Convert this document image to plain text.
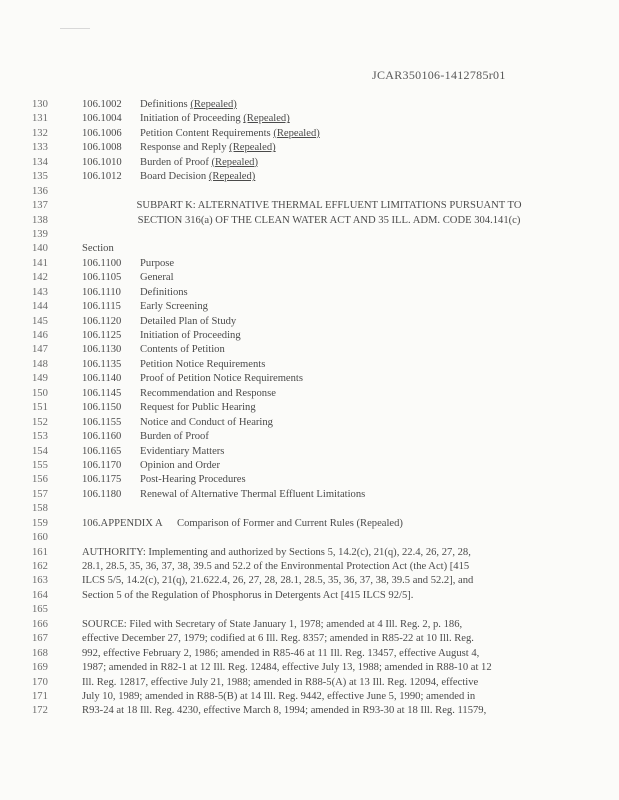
JCAR350106-1412785r01
130	106.1002 Definitions (Repealed)
131	106.1004 Initiation of Proceeding (Repealed)
132	106.1006 Petition Content Requirements (Repealed)
133	106.1008 Response and Reply (Repealed)
134	106.1010 Burden of Proof (Repealed)
135	106.1012 Board Decision (Repealed)
136
137	SUBPART K: ALTERNATIVE THERMAL EFFLUENT LIMITATIONS PURSUANT TO
138	SECTION 316(a) OF THE CLEAN WATER ACT AND 35 ILL. ADM. CODE 304.141(c)
139
140	Section
141	106.1100 Purpose
142	106.1105 General
143	106.1110 Definitions
144	106.1115 Early Screening
145	106.1120 Detailed Plan of Study
146	106.1125 Initiation of Proceeding
147	106.1130 Contents of Petition
148	106.1135 Petition Notice Requirements
149	106.1140 Proof of Petition Notice Requirements
150	106.1145 Recommendation and Response
151	106.1150 Request for Public Hearing
152	106.1155 Notice and Conduct of Hearing
153	106.1160 Burden of Proof
154	106.1165 Evidentiary Matters
155	106.1170 Opinion and Order
156	106.1175 Post-Hearing Procedures
157	106.1180 Renewal of Alternative Thermal Effluent Limitations
158
159	106.APPENDIX A Comparison of Former and Current Rules (Repealed)
160
161	AUTHORITY: Implementing and authorized by Sections 5, 14.2(c), 21(q), 22.4, 26, 27, 28,
162	28.1, 28.5, 35, 36, 37, 38, 39.5 and 52.2 of the Environmental Protection Act (the Act) [415
163	ILCS 5/5, 14.2(c), 21(q), 21.622.4, 26, 27, 28, 28.1, 28.5, 35, 36, 37, 38, 39.5 and 52.2], and
164	Section 5 of the Regulation of Phosphorus in Detergents Act [415 ILCS 92/5].
165
166	SOURCE: Filed with Secretary of State January 1, 1978; amended at 4 Ill. Reg. 2, p. 186,
167	effective December 27, 1979; codified at 6 Ill. Reg. 8357; amended in R85-22 at 10 Ill. Reg.
168	992, effective February 2, 1986; amended in R85-46 at 11 Ill. Reg. 13457, effective August 4,
169	1987; amended in R82-1 at 12 Ill. Reg. 12484, effective July 13, 1988; amended in R88-10 at 12
170	Ill. Reg. 12817, effective July 21, 1988; amended in R88-5(A) at 13 Ill. Reg. 12094, effective
171	July 10, 1989; amended in R88-5(B) at 14 Ill. Reg. 9442, effective June 5, 1990; amended in
172	R93-24 at 18 Ill. Reg. 4230, effective March 8, 1994; amended in R93-30 at 18 Ill. Reg. 11579,
